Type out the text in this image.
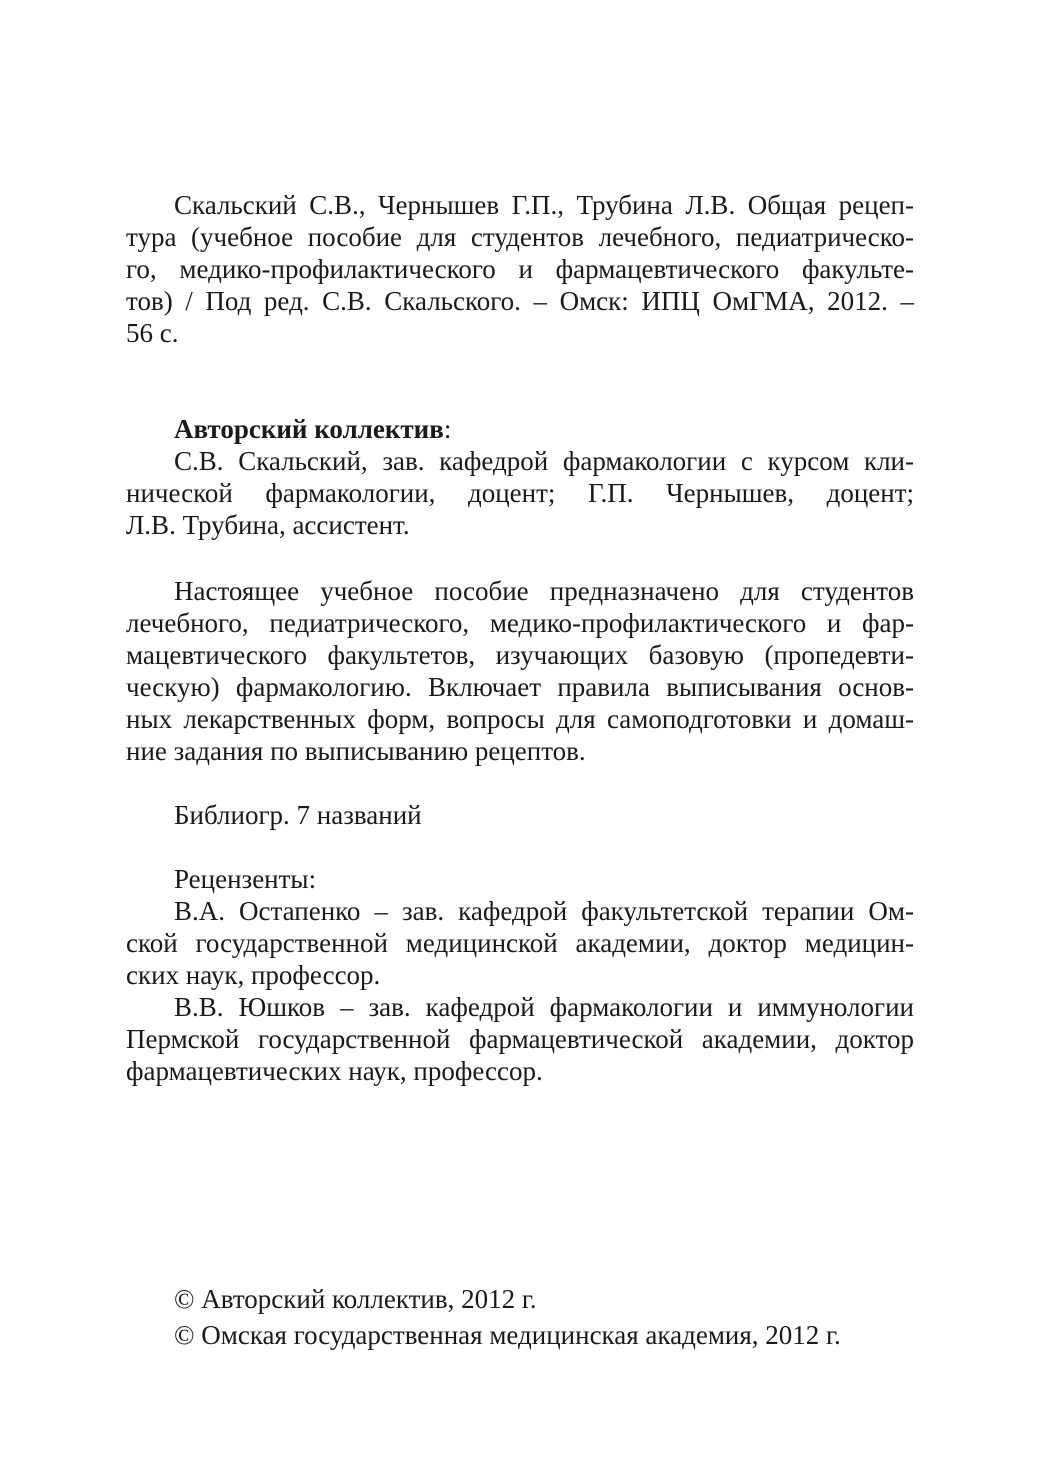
Скальский С.В., Чернышев Г.П., Трубина Л.В. Общая рецеп-
тура (учебное пособие для студентов лечебного, педиатрическо-
го, медико-профилактического и фармацевтического факульте-
тов) / Под ред. С.В. Скальского. – Омск: ИПЦ ОмГМА, 2012. –
56 с.
Авторский коллектив:
С.В. Скальский, зав. кафедрой фармакологии с курсом кли-
нической фармакологии, доцент; Г.П. Чернышев, доцент;
Л.В. Трубина, ассистент.
Настоящее учебное пособие предназначено для студентов
лечебного, педиатрического, медико-профилактического и фар-
мацевтического факультетов, изучающих базовую (пропедевти-
ческую) фармакологию. Включает правила выписывания основ-
ных лекарственных форм, вопросы для самоподготовки и домаш-
ние задания по выписыванию рецептов.
Библиогр. 7 названий
Рецензенты:
В.А. Остапенко – зав. кафедрой факультетской терапии Ом-
ской государственной медицинской академии, доктор медицин-
ских наук, профессор.
В.В. Юшков – зав. кафедрой фармакологии и иммунологии
Пермской государственной фармацевтической академии, доктор
фармацевтических наук, профессор.
© Авторский коллектив, 2012 г.
© Омская государственная медицинская академия, 2012 г.
